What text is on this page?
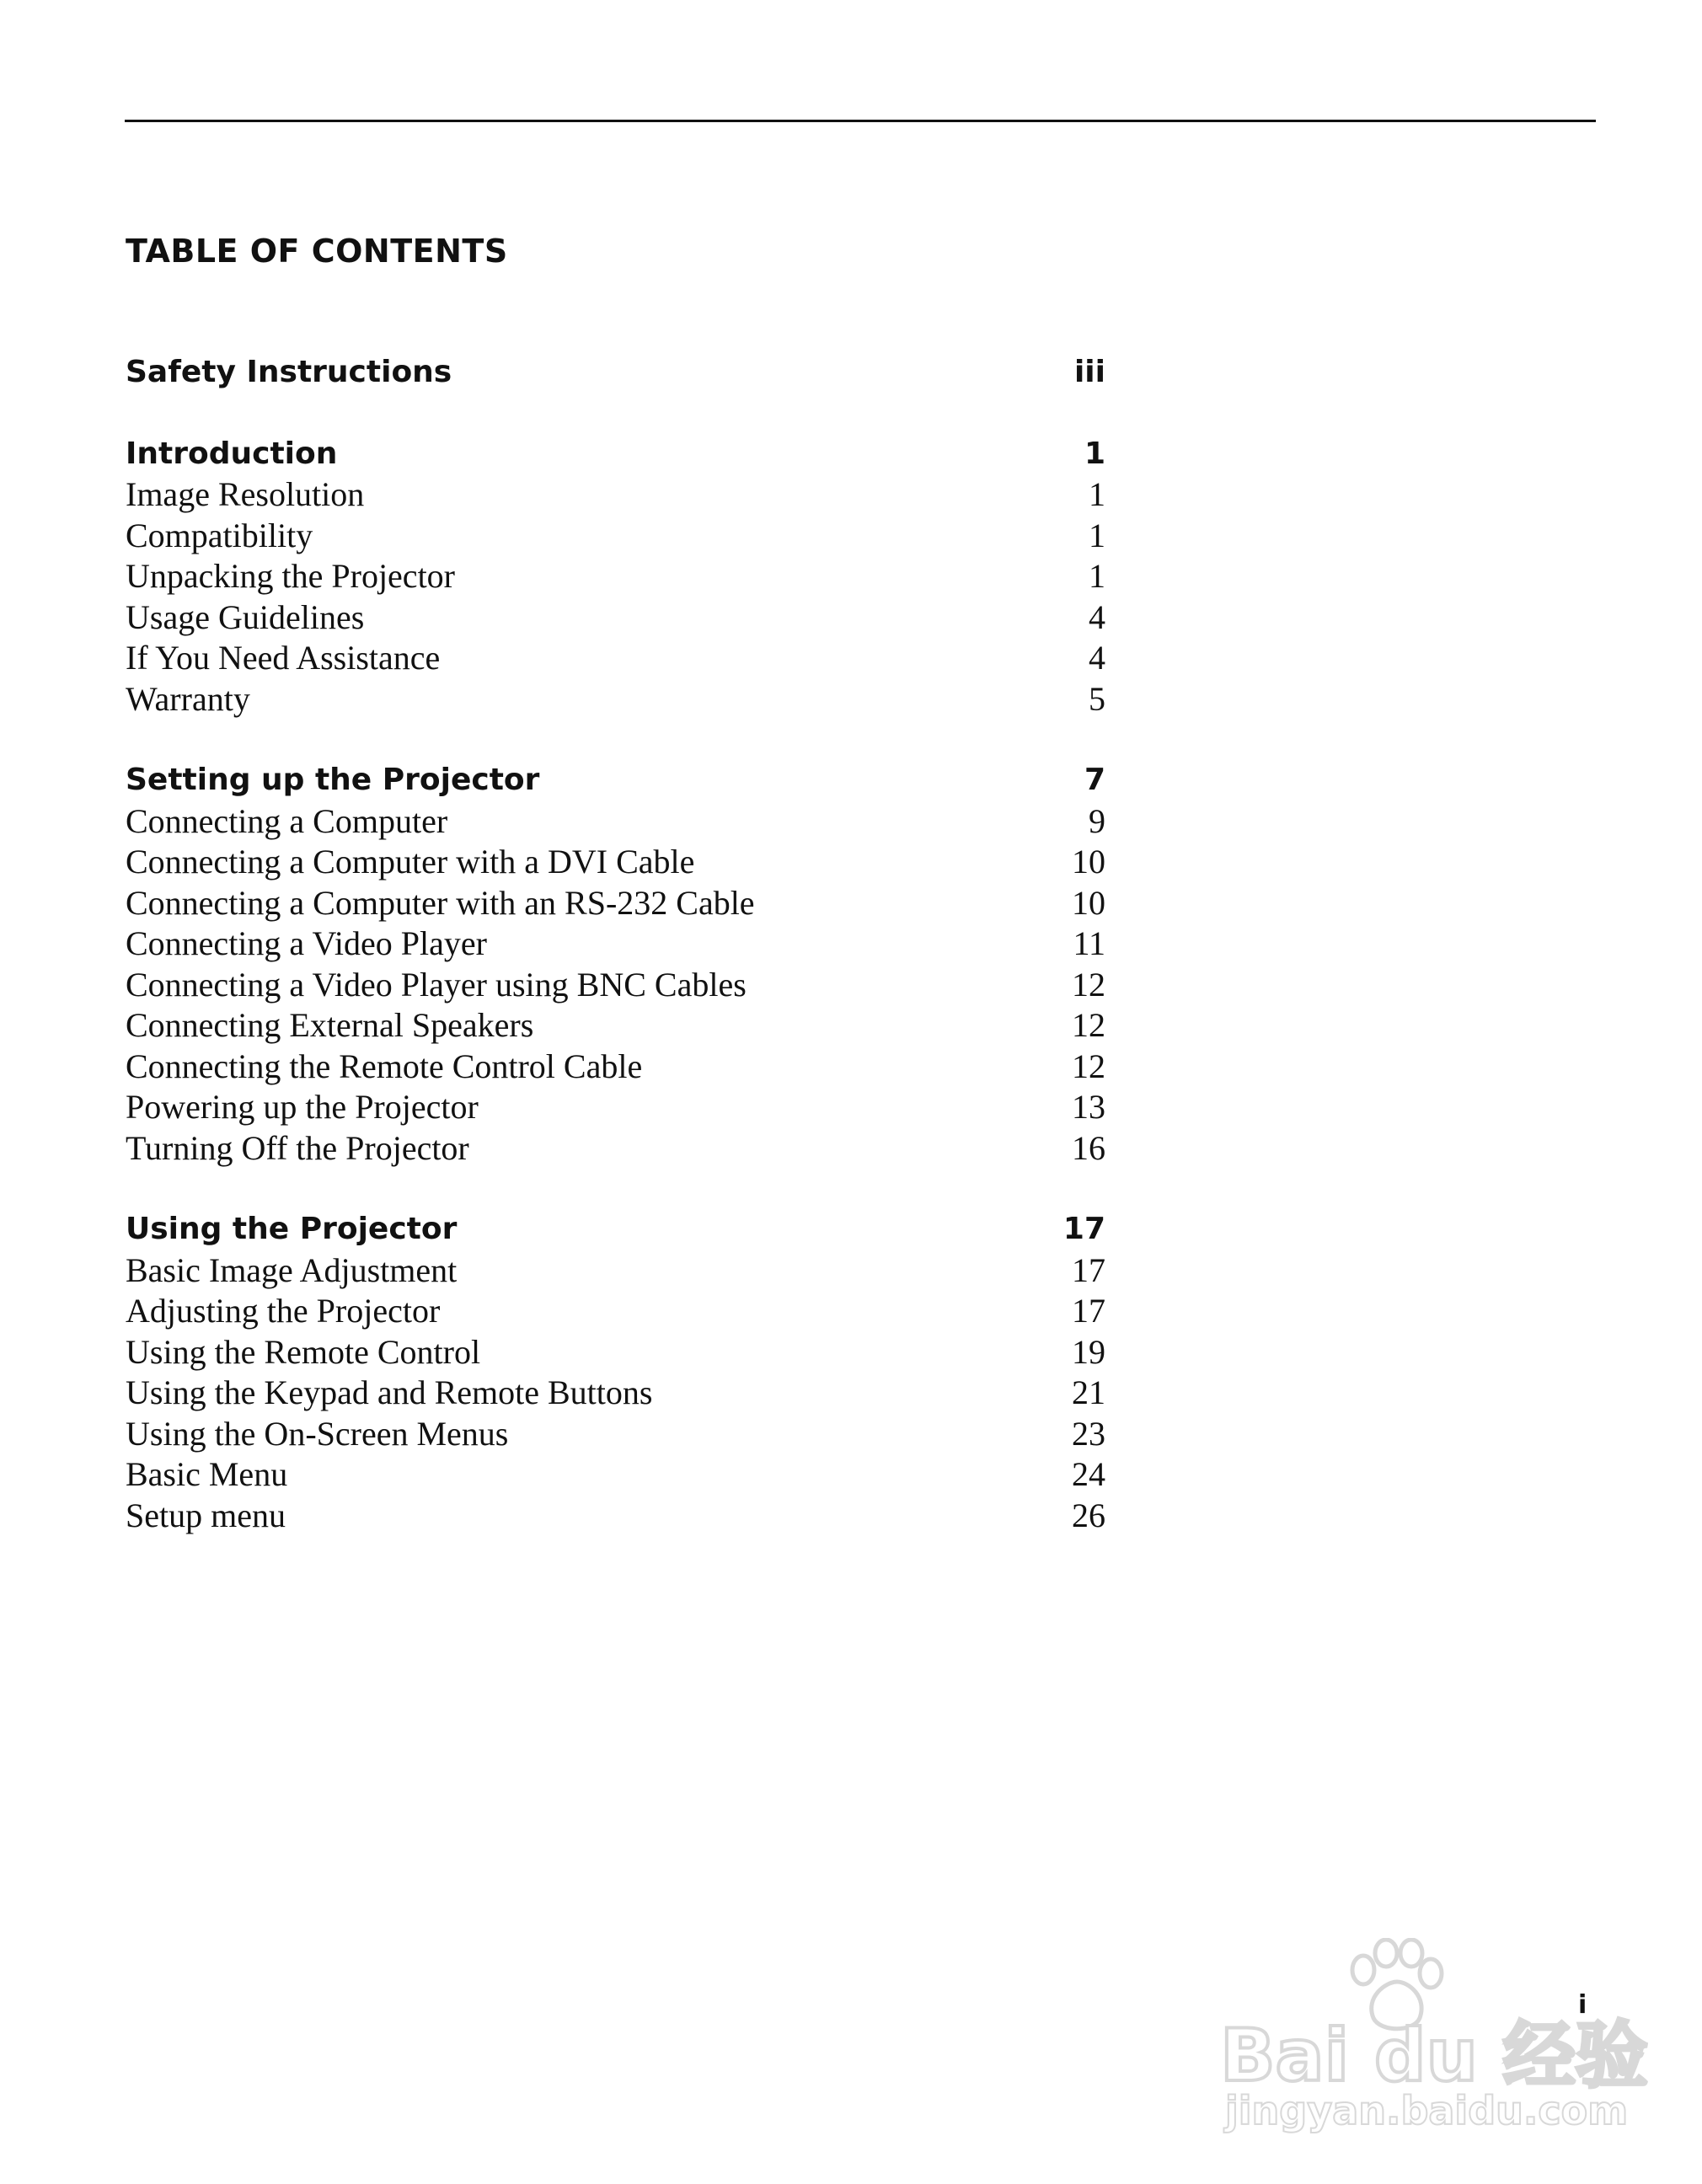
TABLE OF CONTENTS
Safety Instructions	iii
Introduction	1
Image Resolution	1
Compatibility	1
Unpacking the Projector	1
Usage Guidelines	4
If You Need Assistance	4
Warranty	5
Setting up the Projector	7
Connecting a Computer	9
Connecting a Computer with a DVI Cable	10
Connecting a Computer with an RS-232 Cable	10
Connecting a Video Player	11
Connecting a Video Player using BNC Cables	12
Connecting External Speakers	12
Connecting the Remote Control Cable	12
Powering up the Projector	13
Turning Off the Projector	16
Using the Projector	17
Basic Image Adjustment	17
Adjusting the Projector	17
Using the Remote Control	19
Using the Keypad and Remote Buttons	21
Using the On-Screen Menus	23
Basic Menu	24
Setup menu	26
Bai du 经验
jingyan.baidu.com
i
